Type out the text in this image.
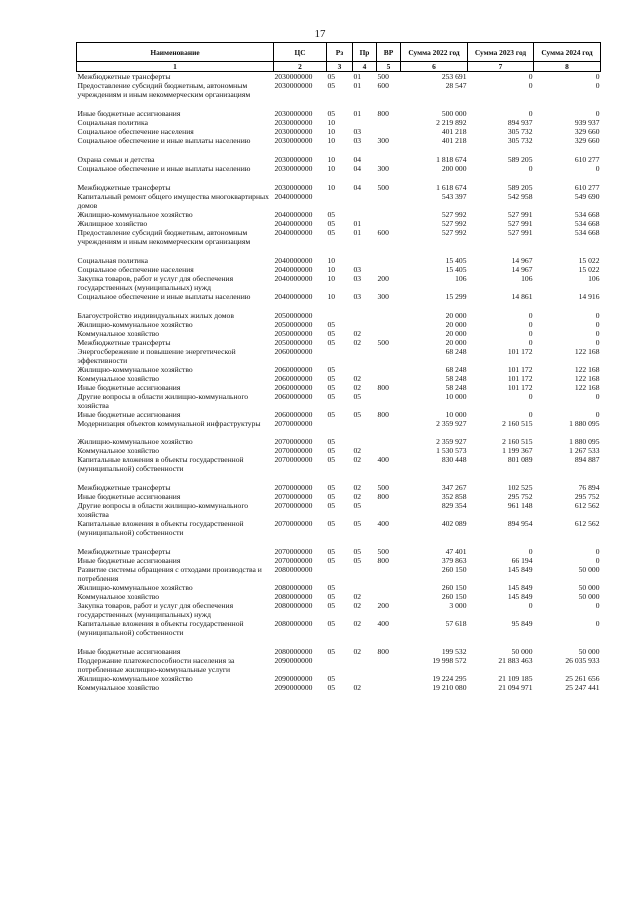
17
Наименование	ЦС	Рз	Пр	ВР	Сумма 2022 год	Сумма 2023 год	Сумма 2024 год
1	2	3	4	5	6	7	8
Межбюджетные трансферты	2030000000	05	01	500	253 691	0	0
Предоставление субсидий бюджетным, автономным учреждениям и иным некоммерческим организациям	2030000000	05	01	600	28 547	0	0

Иные бюджетные ассигнования	2030000000	05	01	800	500 000	0	0
Социальная политика	2030000000	10			2 219 892	894 937	939 937
Социальное обеспечение населения	2030000000	10	03		401 218	305 732	329 660
Социальное обеспечение и иные выплаты населению	2030000000	10	03	300	401 218	305 732	329 660

Охрана семьи и детства	2030000000	10	04		1 818 674	589 205	610 277
Социальное обеспечение и иные выплаты населению	2030000000	10	04	300	200 000	0	0

Межбюджетные трансферты	2030000000	10	04	500	1 618 674	589 205	610 277
Капитальный ремонт общего имущества многоквартирных домов	2040000000				543 397	542 958	549 690
Жилищно-коммунальное хозяйство	2040000000	05			527 992	527 991	534 668
Жилищное хозяйство	2040000000	05	01		527 992	527 991	534 668
Предоставление субсидий бюджетным, автономным учреждениям и иным некоммерческим организациям	2040000000	05	01	600	527 992	527 991	534 668

Социальная политика	2040000000	10			15 405	14 967	15 022
Социальное обеспечение населения	2040000000	10	03		15 405	14 967	15 022
Закупка товаров, работ и услуг для обеспечения государственных (муниципальных) нужд	2040000000	10	03	200	106	106	106
Социальное обеспечение и иные выплаты населению	2040000000	10	03	300	15 299	14 861	14 916

Благоустройство индивидуальных жилых домов	2050000000				20 000	0	0
Жилищно-коммунальное хозяйство	2050000000	05			20 000	0	0
Коммунальное хозяйство	2050000000	05	02		20 000	0	0
Межбюджетные трансферты	2050000000	05	02	500	20 000	0	0
Энергосбережение и повышение энергетической эффективности	2060000000				68 248	101 172	122 168
Жилищно-коммунальное хозяйство	2060000000	05			68 248	101 172	122 168
Коммунальное хозяйство	2060000000	05	02		58 248	101 172	122 168
Иные бюджетные ассигнования	2060000000	05	02	800	58 248	101 172	122 168
Другие вопросы в области жилищно-коммунального хозяйства	2060000000	05	05		10 000	0	0
Иные бюджетные ассигнования	2060000000	05	05	800	10 000	0	0
Модернизация объектов коммунальной инфраструктуры	2070000000				2 359 927	2 160 515	1 880 095
Жилищно-коммунальное хозяйство	2070000000	05			2 359 927	2 160 515	1 880 095
Коммунальное хозяйство	2070000000	05	02		1 530 573	1 199 367	1 267 533
Капитальные вложения в объекты государственной (муниципальной) собственности	2070000000	05	02	400	830 448	801 089	894 887

Межбюджетные трансферты	2070000000	05	02	500	347 267	102 525	76 894
Иные бюджетные ассигнования	2070000000	05	02	800	352 858	295 752	295 752
Другие вопросы в области жилищно-коммунального хозяйства	2070000000	05	05		829 354	961 148	612 562
Капитальные вложения в объекты государственной (муниципальной) собственности	2070000000	05	05	400	402 089	894 954	612 562

Межбюджетные трансферты	2070000000	05	05	500	47 401	0	0
Иные бюджетные ассигнования	2070000000	05	05	800	379 863	66 194	0
Развитие системы обращения с отходами производства и потребления	2080000000				260 150	145 849	50 000
Жилищно-коммунальное хозяйство	2080000000	05			260 150	145 849	50 000
Коммунальное хозяйство	2080000000	05	02		260 150	145 849	50 000
Закупка товаров, работ и услуг для обеспечения государственных (муниципальных) нужд	2080000000	05	02	200	3 000	0	0
Капитальные вложения в объекты государственной (муниципальной) собственности	2080000000	05	02	400	57 618	95 849	0

Иные бюджетные ассигнования	2080000000	05	02	800	199 532	50 000	50 000
Поддержание платежеспособности населения за потребленные жилищно-коммунальные услуги	2090000000				19 998 572	21 883 463	26 035 933
Жилищно-коммунальное хозяйство	2090000000	05			19 224 295	21 109 185	25 261 656
Коммунальное хозяйство	2090000000	05	02		19 210 080	21 094 971	25 247 441
